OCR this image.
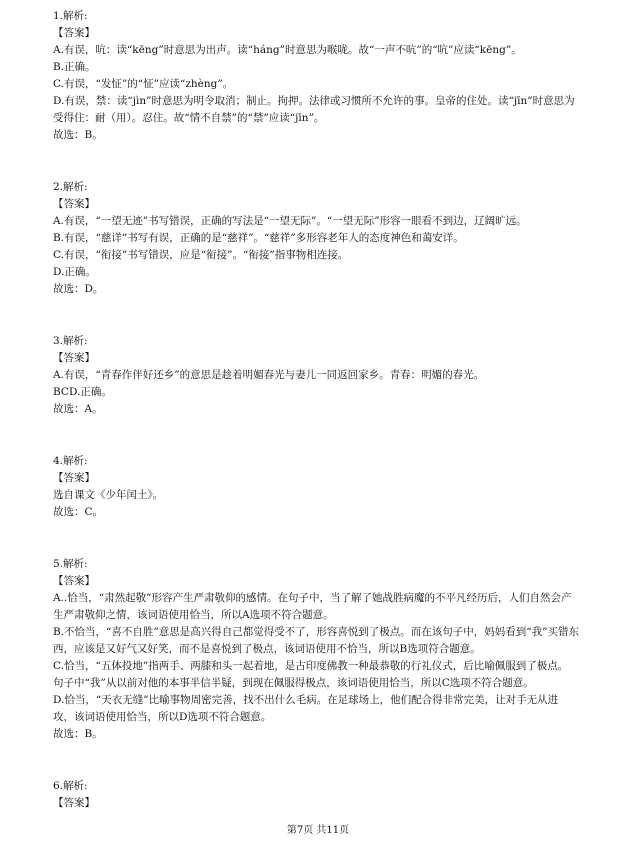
1.解析:
【答案】
A.有误，吭：读“kēng”时意思为出声。读“háng”时意思为喉咙。故“一声不吭”的“吭”应读“kēng”。
B.正确。
C.有误，“发怔”的“怔”应读“zhèng”。
D.有误，禁：读“jìn”时意思为明令取消；制止。拘押。法律或习惯所不允许的事。皇帝的住处。读“jīn”时意思为
受得住：耐（用）。忍住。故“情不自禁”的“禁”应读“jīn”。
故选：B。
2.解析:
【答案】
A.有误，“一望无迹”书写错误，正确的写法是“一望无际”。“一望无际”形容一眼看不到边，辽阔旷远。
B.有误，“慈详”书写有误，正确的是“慈祥”。“慈祥”多形容老年人的态度神色和蔼安详。
C.有误，“衔接”书写错误，应是“衔接”。“衔接”指事物相连接。
D.正确。
故选：D。
3.解析:
【答案】
A.有误，“青春作伴好还乡”的意思是趁着明媚春光与妻儿一同返回家乡。青春：明媚的春光。
BCD.正确。
故选：A。
4.解析:
【答案】
选自课文《少年闰土》。
故选：C。
5.解析:
【答案】
A..恰当，“肃然起敬”形容产生严肃敬仰的感情。在句子中，当了解了她战胜病魔的不平凡经历后，人们自然会产
生严肃敬仰之情，该词语使用恰当，所以A选项不符合题意。
B.不恰当，“喜不自胜”意思是高兴得自己都觉得受不了，形容喜悦到了极点。而在该句子中，妈妈看到“我”买错东
西，应该是又好气又好笑，而不是喜悦到了极点，该词语使用不恰当，所以B选项符合题意。
C.恰当，“五体投地”指两手、两膝和头一起着地，是古印度佛教一种最恭敬的行礼仪式，后比喻佩服到了极点。
句子中“我”从以前对他的本事半信半疑，到现在佩服得极点，该词语使用恰当，所以C选项不符合题意。
D.恰当，“天衣无缝”比喻事物周密完善，找不出什么毛病。在足球场上，他们配合得非常完美，让对手无从进
攻，该词语使用恰当，所以D选项不符合题意。
故选：B。
6.解析:
【答案】
第7页 共11页
